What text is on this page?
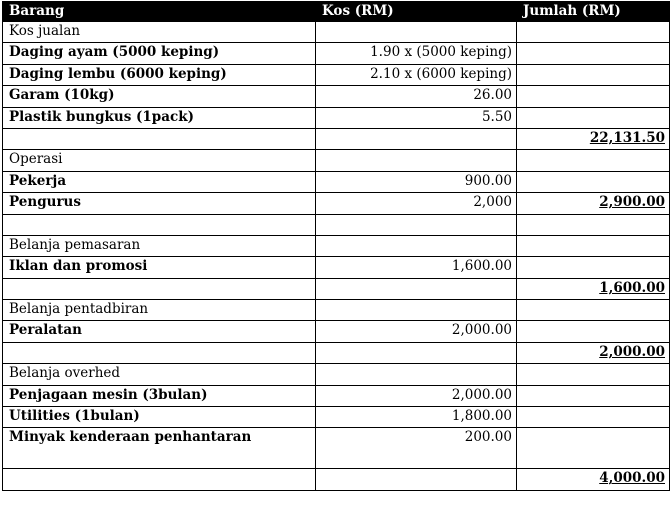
Barang	Kos (RM)	Jumlah (RM)
Kos jualan		
Daging ayam (5000 keping)	1.90 x (5000 keping)	
Daging lembu (6000 keping)	2.10 x (6000 keping)	
Garam (10kg)	26.00	
Plastik bungkus (1pack)	5.50	
		22,131.50
Operasi		
Pekerja	900.00	
Pengurus	2,000	2,900.00

Belanja pemasaran		
Iklan dan promosi	1,600.00	
		1,600.00
Belanja pentadbiran		
Peralatan	2,000.00	
		2,000.00
Belanja overhed		
Penjagaan mesin (3bulan)	2,000.00	
Utilities (1bulan)	1,800.00	
Minyak kenderaan penhantaran	200.00	
		4,000.00
